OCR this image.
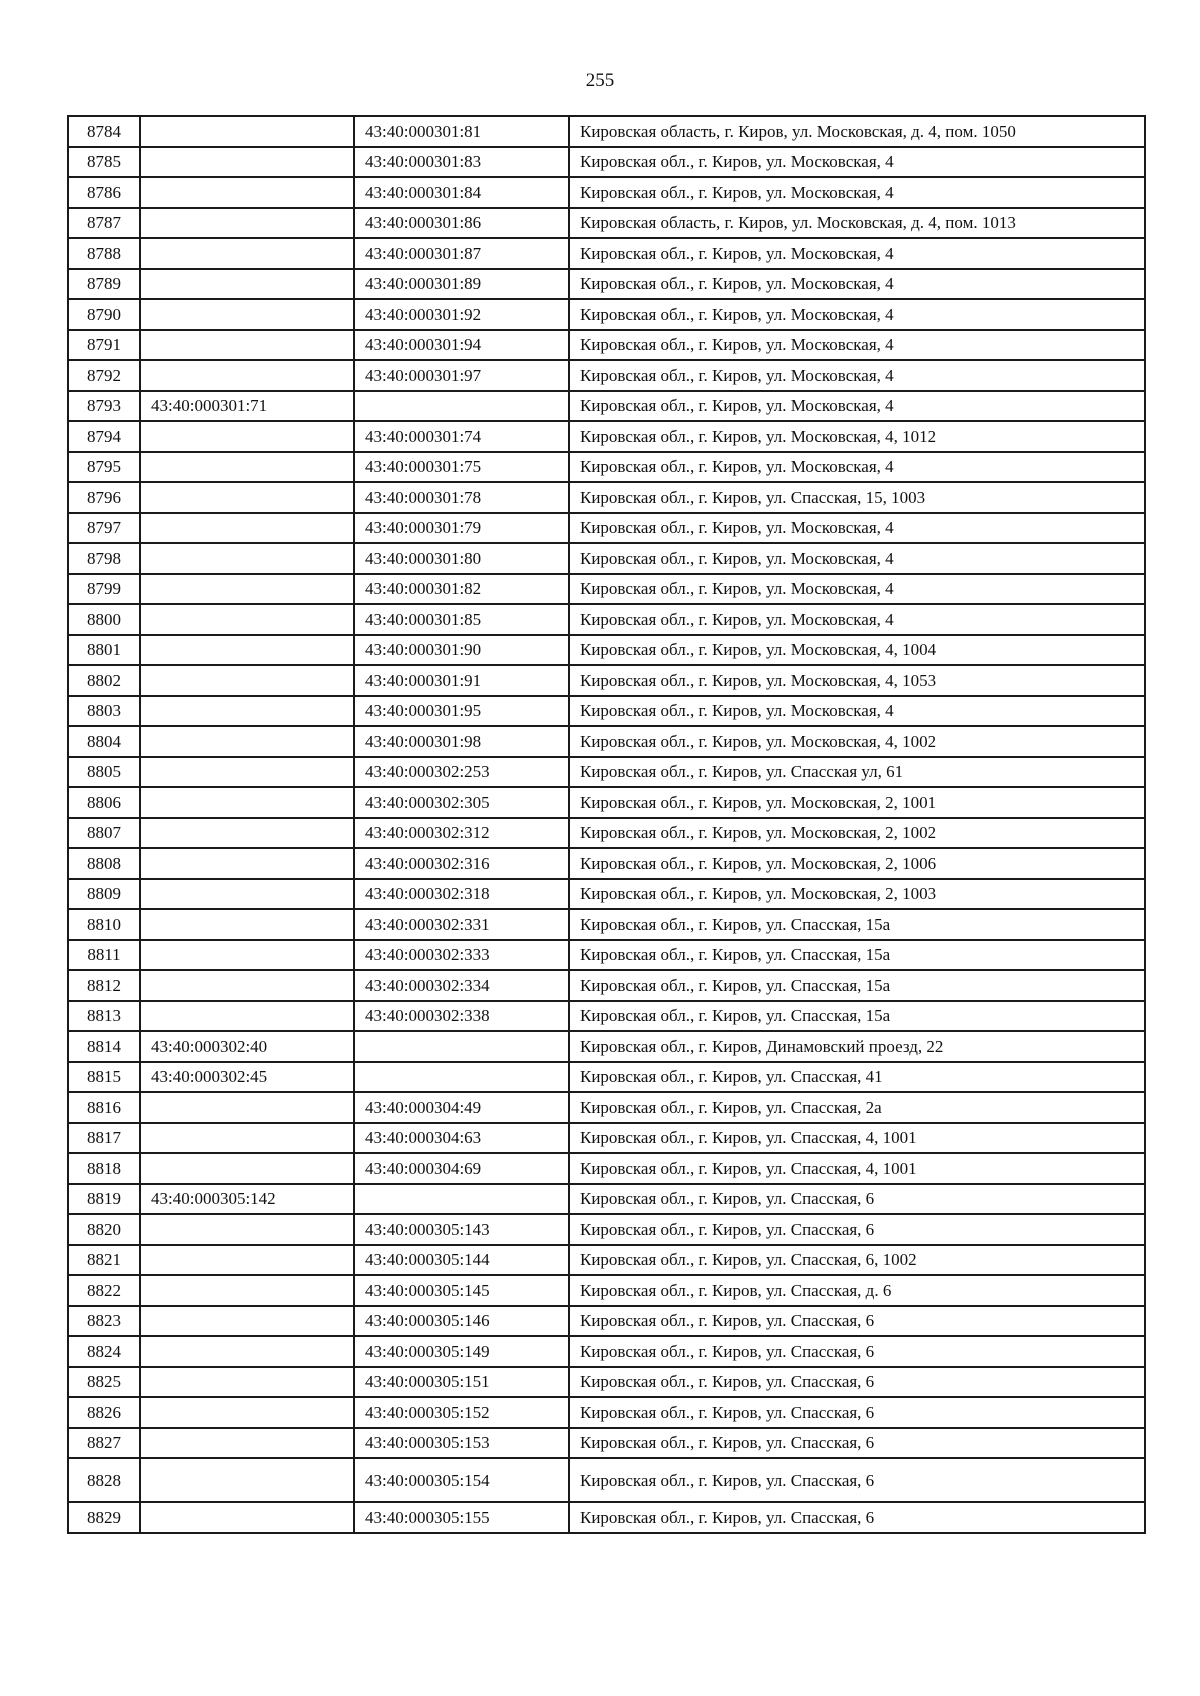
255
8784		43:40:000301:81	Кировская область, г. Киров, ул. Московская, д. 4, пом. 1050
8785		43:40:000301:83	Кировская обл., г. Киров, ул. Московская, 4
8786		43:40:000301:84	Кировская обл., г. Киров, ул. Московская, 4
8787		43:40:000301:86	Кировская область, г. Киров, ул. Московская, д. 4, пом. 1013
8788		43:40:000301:87	Кировская обл., г. Киров, ул. Московская, 4
8789		43:40:000301:89	Кировская обл., г. Киров, ул. Московская, 4
8790		43:40:000301:92	Кировская обл., г. Киров, ул. Московская, 4
8791		43:40:000301:94	Кировская обл., г. Киров, ул. Московская, 4
8792		43:40:000301:97	Кировская обл., г. Киров, ул. Московская, 4
8793	43:40:000301:71		Кировская обл., г. Киров, ул. Московская, 4
8794		43:40:000301:74	Кировская обл., г. Киров, ул. Московская, 4, 1012
8795		43:40:000301:75	Кировская обл., г. Киров, ул. Московская, 4
8796		43:40:000301:78	Кировская обл., г. Киров, ул. Спасская, 15, 1003
8797		43:40:000301:79	Кировская обл., г. Киров, ул. Московская, 4
8798		43:40:000301:80	Кировская обл., г. Киров, ул. Московская, 4
8799		43:40:000301:82	Кировская обл., г. Киров, ул. Московская, 4
8800		43:40:000301:85	Кировская обл., г. Киров, ул. Московская, 4
8801		43:40:000301:90	Кировская обл., г. Киров, ул. Московская, 4, 1004
8802		43:40:000301:91	Кировская обл., г. Киров, ул. Московская, 4, 1053
8803		43:40:000301:95	Кировская обл., г. Киров, ул. Московская, 4
8804		43:40:000301:98	Кировская обл., г. Киров, ул. Московская, 4, 1002
8805		43:40:000302:253	Кировская обл., г. Киров, ул. Спасская ул, 61
8806		43:40:000302:305	Кировская обл., г. Киров, ул. Московская, 2, 1001
8807		43:40:000302:312	Кировская обл., г. Киров, ул. Московская, 2, 1002
8808		43:40:000302:316	Кировская обл., г. Киров, ул. Московская, 2, 1006
8809		43:40:000302:318	Кировская обл., г. Киров, ул. Московская, 2, 1003
8810		43:40:000302:331	Кировская обл., г. Киров, ул. Спасская, 15а
8811		43:40:000302:333	Кировская обл., г. Киров, ул. Спасская, 15а
8812		43:40:000302:334	Кировская обл., г. Киров, ул. Спасская, 15а
8813		43:40:000302:338	Кировская обл., г. Киров, ул. Спасская, 15а
8814	43:40:000302:40		Кировская обл., г. Киров, Динамовский проезд, 22
8815	43:40:000302:45		Кировская обл., г. Киров, ул. Спасская, 41
8816		43:40:000304:49	Кировская обл., г. Киров, ул. Спасская, 2а
8817		43:40:000304:63	Кировская обл., г. Киров, ул. Спасская, 4, 1001
8818		43:40:000304:69	Кировская обл., г. Киров, ул. Спасская, 4, 1001
8819	43:40:000305:142		Кировская обл., г. Киров, ул. Спасская, 6
8820		43:40:000305:143	Кировская обл., г. Киров, ул. Спасская, 6
8821		43:40:000305:144	Кировская обл., г. Киров, ул. Спасская, 6, 1002
8822		43:40:000305:145	Кировская обл., г. Киров, ул. Спасская, д. 6
8823		43:40:000305:146	Кировская обл., г. Киров, ул. Спасская, 6
8824		43:40:000305:149	Кировская обл., г. Киров, ул. Спасская, 6
8825		43:40:000305:151	Кировская обл., г. Киров, ул. Спасская, 6
8826		43:40:000305:152	Кировская обл., г. Киров, ул. Спасская, 6
8827		43:40:000305:153	Кировская обл., г. Киров, ул. Спасская, 6
8828		43:40:000305:154	Кировская обл., г. Киров, ул. Спасская, 6
8829		43:40:000305:155	Кировская обл., г. Киров, ул. Спасская, 6
